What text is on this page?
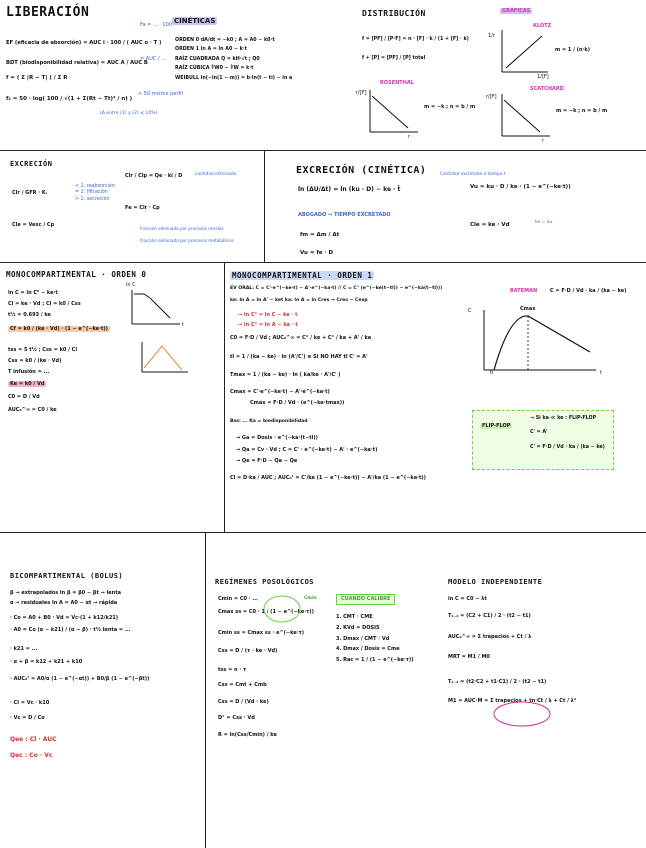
LIBERACIÓN
EF (eficacia de absorción) = AUC i · 100 / ( AUC o · T )
Fa = ... · 100
BDT (biodisponibilidad relativa) = AUC A / AUC B
= AUC / ...
f = ( Σ |R − T| ) / Σ R
f₂ = 50 · log( 100 / √(1 + Σ(Rt − Tt)² / n) )
> 50 mismo perfil
(Δ entre (1) y (2) ≤ 10%)
CINÉTICAS
ORDEN 0 dA/dt = −k0 ; A = A0 − k0·t
ORDEN 1 ln A = ln A0 − k·t
RAÍZ CUADRADA Q = kH·√t ; Q0
RAÍZ CÚBICA ∛W0 − ∛W = k·t
WEIBULL ln(−ln(1 − m)) = b·ln(t − ti) − ln a
DISTRIBUCIÓN	GRÁFICAS
f = [PF] / [P·F] = n · [F] · k / (1 + [F] · k)
f + [P] = [PF] / [P] total
KLOTZ
1/r
1/[F]
m = 1 / (n·k)
ROSENTHAL
r/[F]
r
m = −k ; n = b / m
SCATCHARD
r/[F]
r
m = −k ; n = b / m
EXCRECIÓN
Clr / GFR · Kᵢ
< 1: reabsorción
= 1: filtración
> 1: secreción
Cle = Vexc / Cp
Clr / Clp = Qe · ki / D
Fe = Clr · Cp
cantidad eliminada
fracción eliminada por procesos renales
fracción eliminada por procesos metabólicos
EXCRECIÓN (CINÉTICA)
ln (ΔU/Δt) = ln (ku · D) − ke · t̄	Vu = ku · D / ke · (1 − e^(−ke·t))
ABOGADO → TIEMPO EXCRETADO
fm = Δm / Δt
Vu = fe · D
Cle = ke · Vd
Cantidad excretada a tiempo t
ke = ku
MONOCOMPARTIMENTAL · ORDEN 0
ln C = ln C⁰ − ke·t
Cl = ke · Vd ; Cl = k0 / Css
t½ = 0.693 / ke
Cf = k0 / (ke · Vd) · (1 − e^(−ke·t))
tss = 5 t½ ; Css = k0 / Cl
Css = k0 / (ke · Vd)
T infusión = ...
Ke = k0 / Vd
C0 = D / Vd
AUC₀^∞ = C0 / ke
ln C
t
MONOCOMPARTIMENTAL · ORDEN 1
EV ORAL: C = C'·e^(−ke·t) − A'·e^(−ka·t) // C = C° (e^(−ke(t−tl)) − e^(−ka(t−tl)))
ke: ln A = ln A' − ket ka: ln A = ln Cres → Cres − Cexp
→ ln C° = ln C − ke · t
→ ln C° = ln A − ka · t
C0 = F·D / Vd ; AUC₀^∞ = C° / ke + C° / ka + A' / ka
tl = 1 / (ka − ke) · ln (A'/C') ⊕ SI NO HAY tl C' = A'
Tmax = 1 / (ka − ke) · ln ( ka/ke · A'/C' )
Cmax = C'·e^(−ke·t) − A'·e^(−ka·t)
Cmax = F·D / Vd · (e^(−ke·tmax))
Bss: ... Ka = biodisponibilidad
→ Ga = Dosis · e^(−ka·(t−tl))
→ Qa = Cv · Vd ; C = C' · e^(−ke·t) − A' · e^(−ka·t)
→ Qe = F·D − Qa − Qe
Cl = D·ka / AUC ; AUC₀ᵗ = C'/ke (1 − e^(−ke·t)) − A'/ka (1 − e^(−ka·t))
BATEMAN	C = F·D / Vd · ka / (ka − ke)
Cmax
C
t
tl
FLIP-FLOP
→ Si ka ≪ ke : FLIP-FLOP
C' = A'
C' = F·D / Vd · ka / (ka − ke)
BICOMPARTIMENTAL (BOLUS)
β → extrapolados ln β = β0 − βt → lenta
α → residuales ln A = A0 − αt → rápida
· Co = A0 + B0 · Vd = Vc·(1 + k12/k21)
· A0 = Co (α − k21) / (α − β) · t½ lenta = ...
· k21 = ...
· α + β = k12 + k21 + k10
· AUC₀ᵗ = A0/α (1 − e^(−αt)) + B0/β (1 − e^(−βt))
· Cl = Vc · k10
· Vc = D / Co
Qee : Cl · AUC
Qec : Co · Vc
REGÍMENES POSOLÓGICOS
Cmin = C0 · ...
Cmax ss = C0 · 1 / (1 − e^(−ke·τ))
Cmin ss = Cmax ss · e^(−ke·τ)
Css = D / (τ · ke · Vd)
tss = n · τ
Css = Cmt + Cmb
Css = D / (Vd · ke)
D° = Css · Vd
R = ln(Css/Cmin) / ke
Cmin	CUANDO CALIBRE
1. CMT · CME
2. KVd = DOSIS
3. Dmax / CMT · Vd
4. Dmax / Dosis = Cme
5. Rac = 1 / (1 − e^(−ke·τ))
MODELO INDEPENDIENTE
ln C = C0 − λt
T₁₋₂ = (C2 + C1) / 2 · (t2 − t1)
AUC₀^∞ = Σ trapecios + Ct / λ
MRT = M1 / M0
T₁₋₂ = (t2·C2 + t1·C1) / 2 · (t2 − t1)
M1 = AUC·M = Σ trapecios + tn·Ct / λ + Ct / λ²
